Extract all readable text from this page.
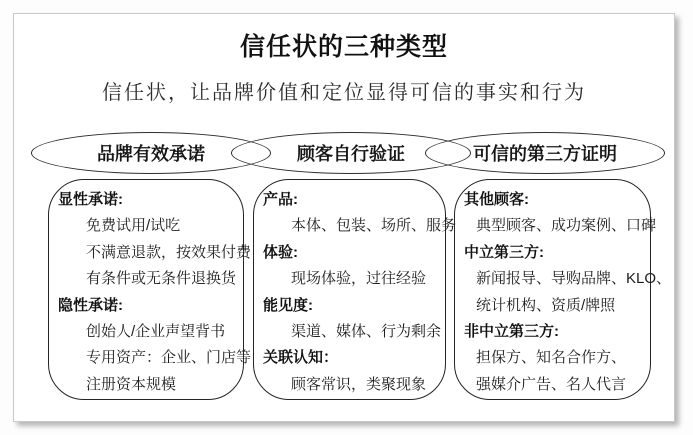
信任状的三种类型
信任状，让品牌价值和定位显得可信的事实和行为
品牌有效承诺	顾客自行验证	可信的第三方证明
显性承诺:
免费试用/试吃
不满意退款，按效果付费
有条件或无条件退换货
隐性承诺:
创始人/企业声望背书
专用资产：企业、门店等
注册资本规模
产品:
本体、包装、场所、服务
体验:
现场体验，过往经验
能见度:
渠道、媒体、行为剩余
关联认知：
顾客常识，类聚现象
其他顾客:
典型顾客、成功案例、口碑
中立第三方:
新闻报导、导购品牌、KLO、
统计机构、资质/牌照
非中立第三方:
担保方、知名合作方、
强媒介广告、名人代言
